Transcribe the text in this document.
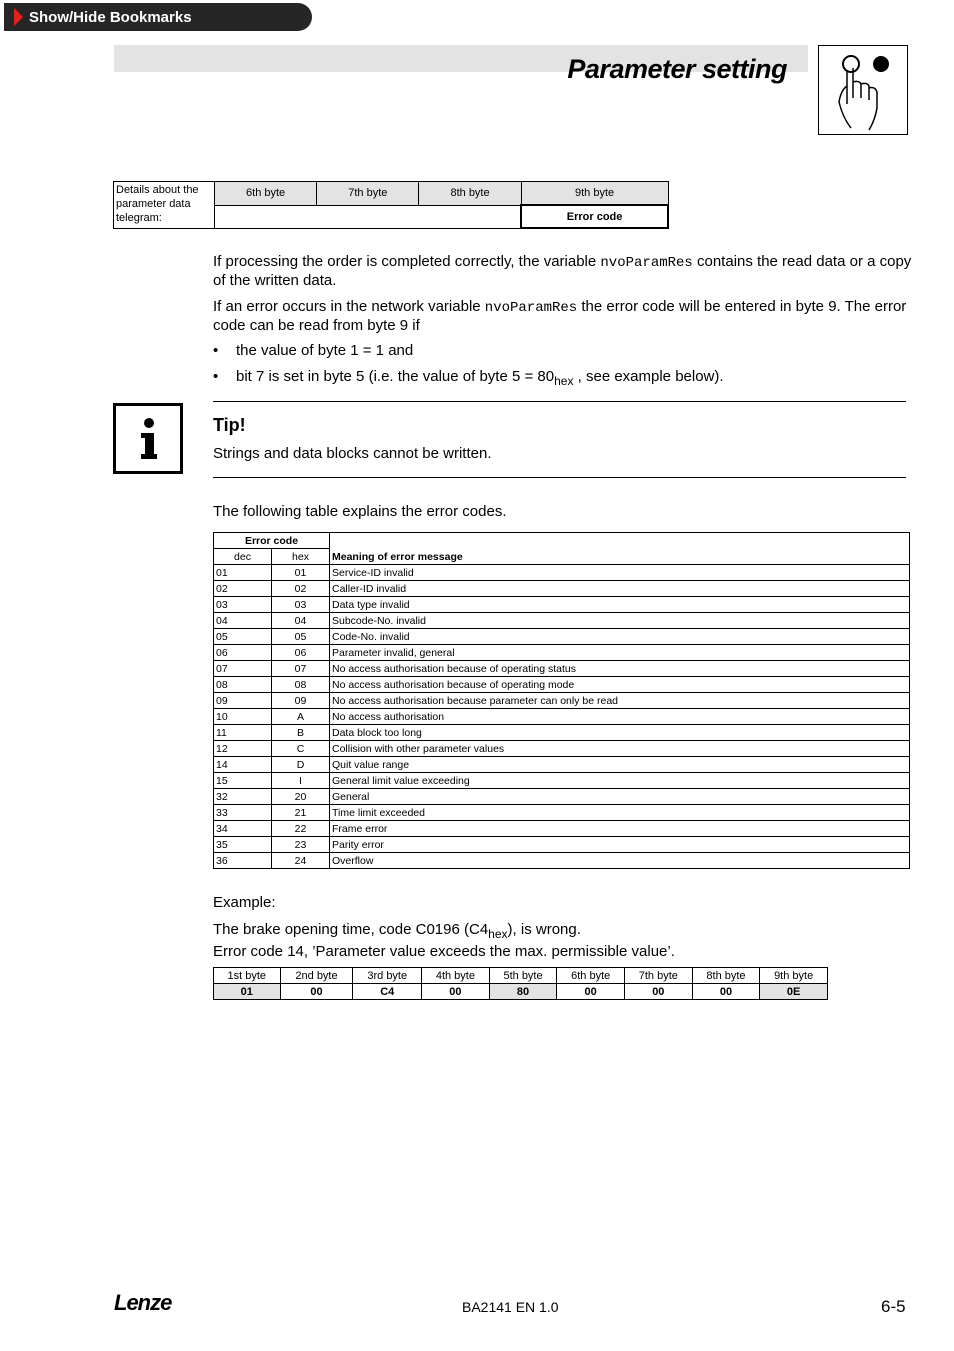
Show/Hide Bookmarks
Parameter setting
Details about the parameter data telegram:	6th byte	7th byte	8th byte	9th byte
				Error code
If processing the order is completed correctly, the variable nvoParamRes contains the read data or a copy of the written data.
If an error occurs in the network variable nvoParamRes the error code will be entered in byte 9. The error code can be read from byte 9 if
• the value of byte 1 = 1 and
• bit 7 is set in byte 5 (i.e. the value of byte $5 = 80_{hex}$ , see example below).
Tip!
Strings and data blocks cannot be written.
The following table explains the error codes.
Error code		Meaning of error message
dec	hex	
01	01	Service-ID invalid
02	02	Caller-ID invalid
03	03	Data type invalid
04	04	Subcode-No. invalid
05	05	Code-No. invalid
06	06	Parameter invalid, general
07	07	No access authorisation because of operating status
08	08	No access authorisation because of operating mode
09	09	No access authorisation because parameter can only be read
10	A	No access authorisation
11	B	Data block too long
12	C	Collision with other parameter values
14	D	Quit value range
15	I	General limit value exceeding
32	20	General
33	21	Time limit exceeded
34	22	Frame error
35	23	Parity error
36	24	Overflow
Example:
The brake opening time, code C0196 $(C4_{hex})$, is wrong.
Error code 14, ’Parameter value exceeds the max. permissible value’.
1st byte	2nd byte	3rd byte	4th byte	5th byte	6th byte	7th byte	8th byte	9th byte
01	00	C4	00	80	00	00	00	0E
Lenze	BA2141 EN 1.0	6-5
